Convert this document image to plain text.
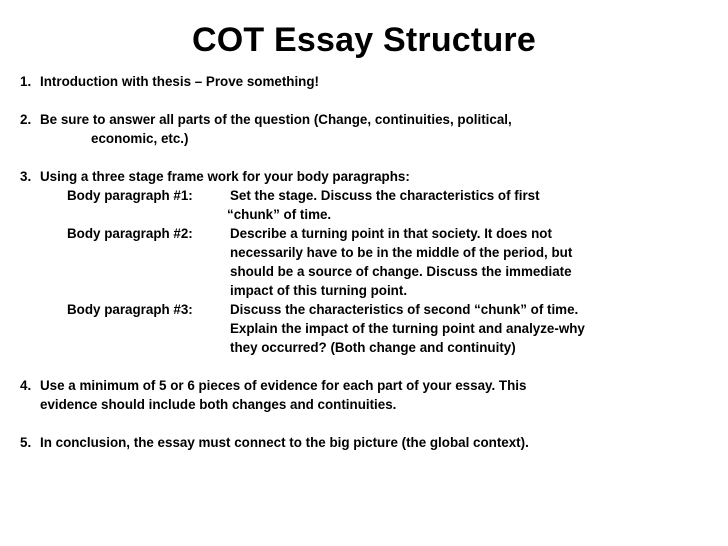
COT Essay Structure
1. Introduction with thesis – Prove something!
2. Be sure to answer all parts of the question (Change, continuities, political,
economic, etc.)
3. Using a three stage frame work for your body paragraphs:
Body paragraph #1:	Set the stage. Discuss the characteristics of first
“chunk” of time.
Body paragraph #2:	Describe a turning point in that society. It does not
necessarily have to be in the middle of the period, but
should be a source of change. Discuss the immediate
impact of this turning point.
Body paragraph #3:	Discuss the characteristics of second “chunk” of time.
Explain the impact of the turning point and analyze-why
they occurred? (Both change and continuity)
4. Use a minimum of 5 or 6 pieces of evidence for each part of your essay. This
evidence should include both changes and continuities.
5. In conclusion, the essay must connect to the big picture (the global context).
